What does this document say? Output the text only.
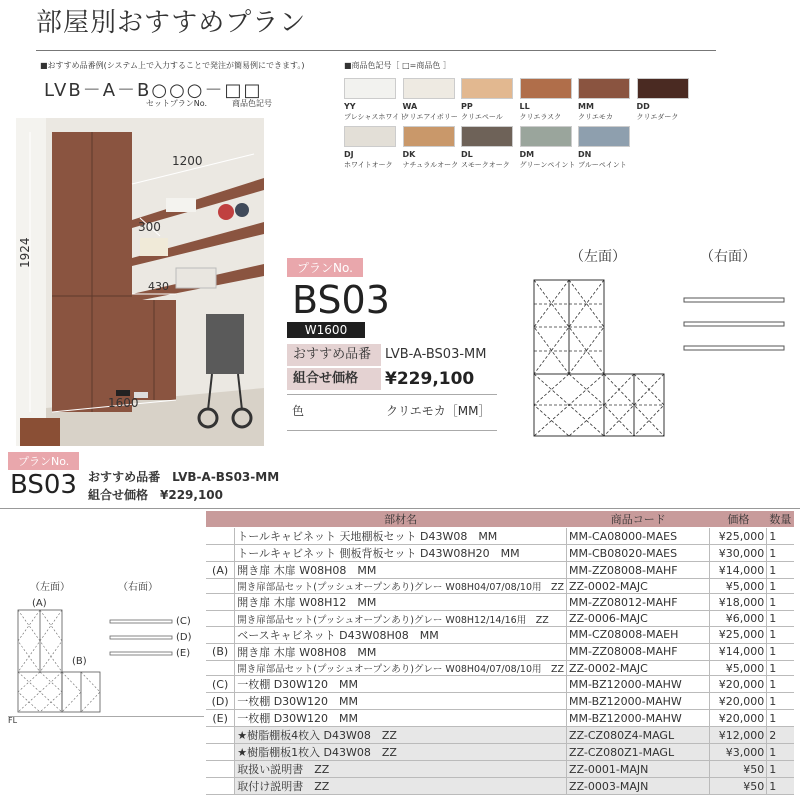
部屋別おすすめプラン
■おすすめ品番例(システム上で入力することで発注が簡易例にできます。)
LVB－A－B○○○－□□
セットプランNo.	商品色記号
■商品色記号［ □=商品色 ］
YY
プレシャスホワイト
WA
クリエアイボリー
PP
クリエペール
LL
クリエラスク
MM
クリエモカ
DD
クリエダーク
DJ
ホワイトオーク
DK
ナチュラルオーク
DL
スモークオーク
DM
グリーンペイント
DN
ブルーペイント
1200
300
1924
430
1600
プランNo.
BS03
W1600
おすすめ品番	LVB-A-BS03-MM
組合せ価格	¥229,100
色	クリエモカ［MM］
（左面）	（右面）
プランNo.
BS03 おすすめ品番　LVB-A-BS03-MM
組合せ価格　¥229,100
（左面）	（右面）
(A)
(B)
(C)
(D)
(E)
FL
	部材名	商品コード	価格	数量
	トールキャビネット 天地棚板セット D43W08　MM	MM-CA08000-MAES	¥25,000	1
	トールキャビネット 側板背板セット D43W08H20　MM	MM-CB08020-MAES	¥30,000	1
(A)	開き扉 木扉 W08H08　MM	MM-ZZ08008-MAHF	¥14,000	1
	開き扉部品セット(プッシュオープンあり)グレー W08H04/07/08/10用　ZZ	ZZ-0002-MAJC	¥5,000	1
	開き扉 木扉 W08H12　MM	MM-ZZ08012-MAHF	¥18,000	1
	開き扉部品セット(プッシュオープンあり)グレー W08H12/14/16用　ZZ	ZZ-0006-MAJC	¥6,000	1
	ベースキャビネット D43W08H08　MM	MM-CZ08008-MAEH	¥25,000	1
(B)	開き扉 木扉 W08H08　MM	MM-ZZ08008-MAHF	¥14,000	1
	開き扉部品セット(プッシュオープンあり)グレー W08H04/07/08/10用　ZZ	ZZ-0002-MAJC	¥5,000	1
(C)	一枚棚 D30W120　MM	MM-BZ12000-MAHW	¥20,000	1
(D)	一枚棚 D30W120　MM	MM-BZ12000-MAHW	¥20,000	1
(E)	一枚棚 D30W120　MM	MM-BZ12000-MAHW	¥20,000	1
	★樹脂棚板4枚入 D43W08　ZZ	ZZ-CZ080Z4-MAGL	¥12,000	2
	★樹脂棚板1枚入 D43W08　ZZ	ZZ-CZ080Z1-MAGL	¥3,000	1
	取扱い説明書　ZZ	ZZ-0001-MAJN	¥50	1
	取付け説明書　ZZ	ZZ-0003-MAJN	¥50	1
